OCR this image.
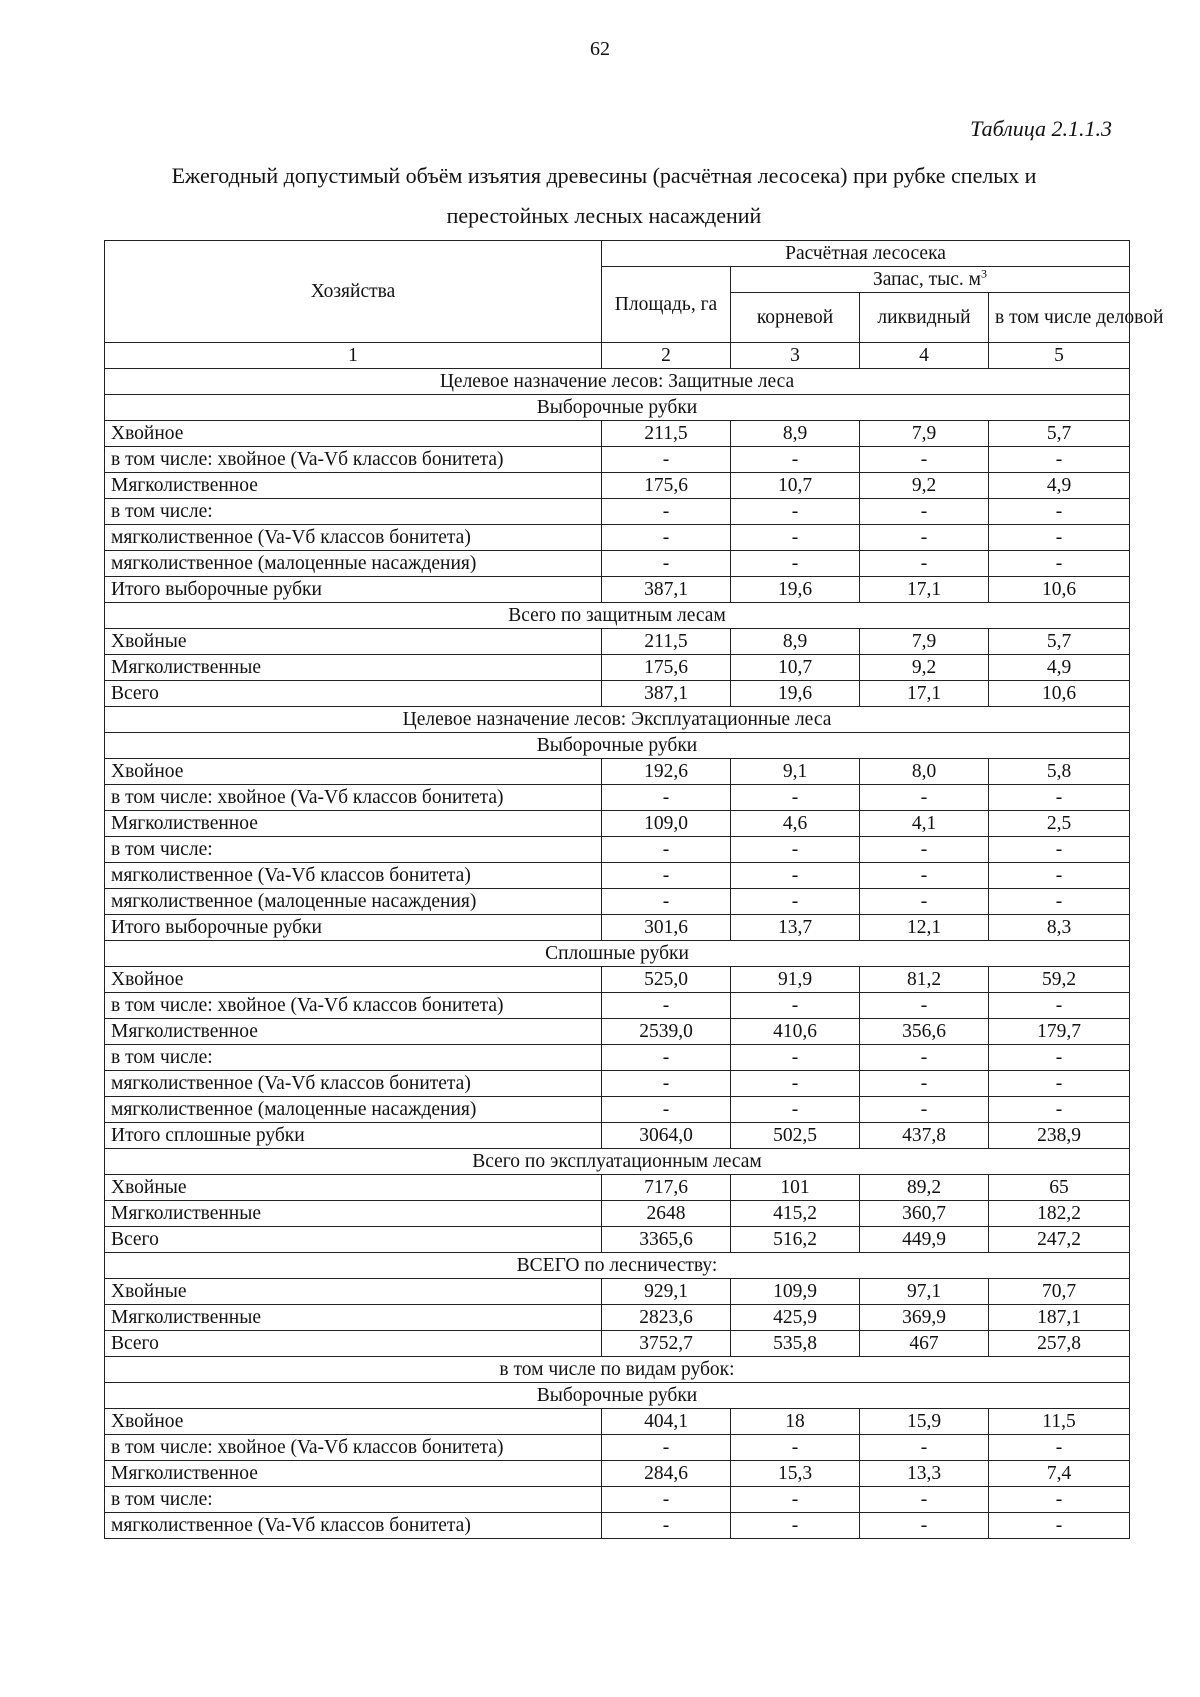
62
Таблица 2.1.1.3
Ежегодный допустимый объём изъятия древесины (расчётная лесосека) при рубке спелых и
перестойных лесных насаждений
Хозяйства	Расчётная лесосека			
	Площадь, га	Запас, тыс. $м^3$
		корневой	ликвидный	в том числе деловой
1	2	3	4	5
Целевое назначение лесов: Защитные леса				
Выборочные рубки				
Хвойное	211,5	8,9	7,9	5,7
в том числе: хвойное (Va-Vб классов бонитета)	-	-	-	-
Мягколиственное	175,6	10,7	9,2	4,9
в том числе:	-	-	-	-
мягколиственное (Va-Vб классов бонитета)	-	-	-	-
мягколиственное (малоценные насаждения)	-	-	-	-
Итого выборочные рубки	387,1	19,6	17,1	10,6
Всего по защитным лесам				
Хвойные	211,5	8,9	7,9	5,7
Мягколиственные	175,6	10,7	9,2	4,9
Всего	387,1	19,6	17,1	10,6
Целевое назначение лесов: Эксплуатационные леса				
Выборочные рубки				
Хвойное	192,6	9,1	8,0	5,8
в том числе: хвойное (Va-Vб классов бонитета)	-	-	-	-
Мягколиственное	109,0	4,6	4,1	2,5
в том числе:	-	-	-	-
мягколиственное (Va-Vб классов бонитета)	-	-	-	-
мягколиственное (малоценные насаждения)	-	-	-	-
Итого выборочные рубки	301,6	13,7	12,1	8,3
Сплошные рубки				
Хвойное	525,0	91,9	81,2	59,2
в том числе: хвойное (Va-Vб классов бонитета)	-	-	-	-
Мягколиственное	2539,0	410,6	356,6	179,7
в том числе:	-	-	-	-
мягколиственное (Va-Vб классов бонитета)	-	-	-	-
мягколиственное (малоценные насаждения)	-	-	-	-
Итого сплошные рубки	3064,0	502,5	437,8	238,9
Всего по эксплуатационным лесам				
Хвойные	717,6	101	89,2	65
Мягколиственные	2648	415,2	360,7	182,2
Всего	3365,6	516,2	449,9	247,2
ВСЕГО по лесничеству:				
Хвойные	929,1	109,9	97,1	70,7
Мягколиственные	2823,6	425,9	369,9	187,1
Всего	3752,7	535,8	467	257,8
в том числе по видам рубок:				
Выборочные рубки				
Хвойное	404,1	18	15,9	11,5
в том числе: хвойное (Va-Vб классов бонитета)	-	-	-	-
Мягколиственное	284,6	15,3	13,3	7,4
в том числе:	-	-	-	-
мягколиственное (Va-Vб классов бонитета)	-	-	-	-
